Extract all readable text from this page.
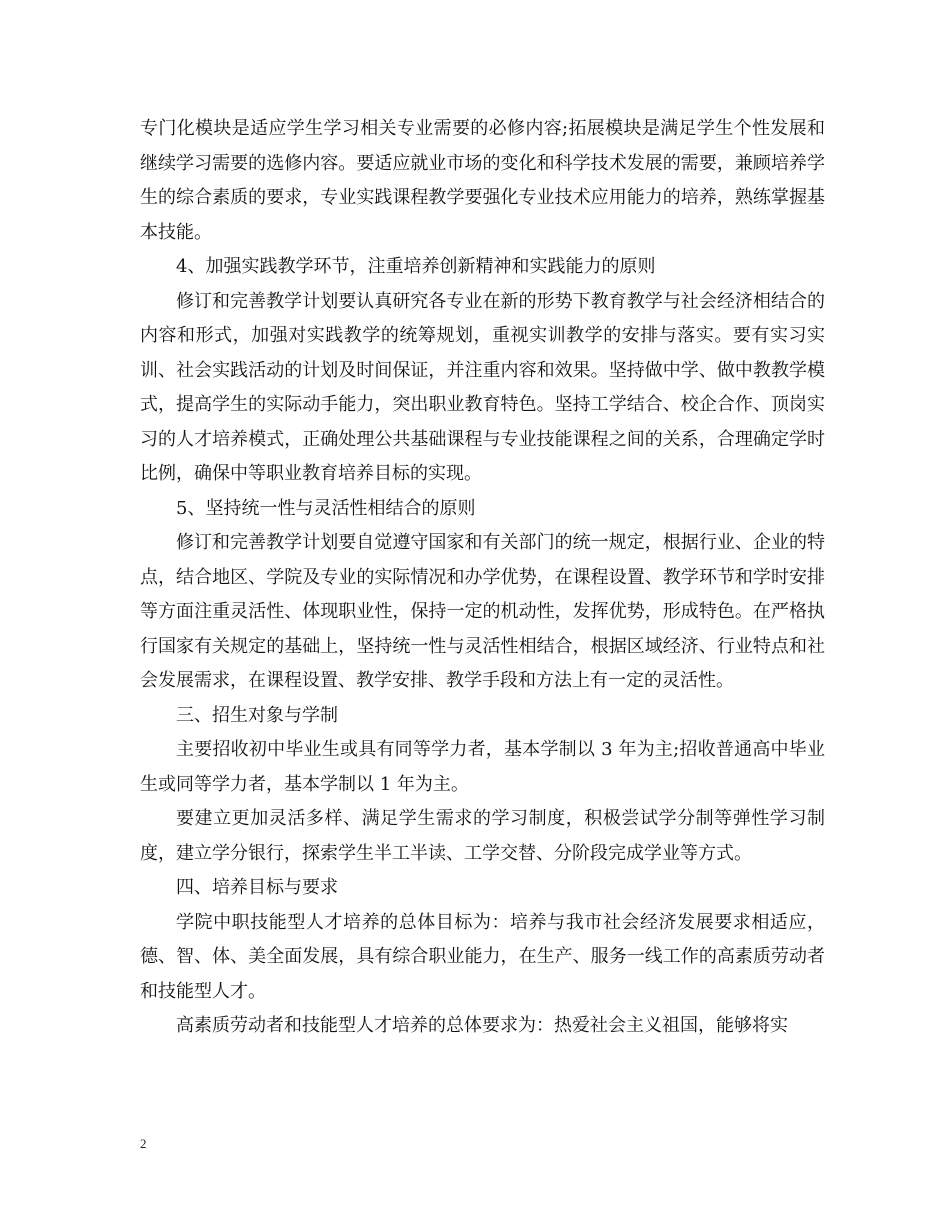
专门化模块是适应学生学习相关专业需要的必修内容;拓展模块是满足学生个性发展和继续学习需要的选修内容。要适应就业市场的变化和科学技术发展的需要，兼顾培养学生的综合素质的要求，专业实践课程教学要强化专业技术应用能力的培养，熟练掌握基本技能。

4、加强实践教学环节，注重培养创新精神和实践能力的原则

修订和完善教学计划要认真研究各专业在新的形势下教育教学与社会经济相结合的内容和形式，加强对实践教学的统筹规划，重视实训教学的安排与落实。要有实习实训、社会实践活动的计划及时间保证，并注重内容和效果。坚持做中学、做中教教学模式，提高学生的实际动手能力，突出职业教育特色。坚持工学结合、校企合作、顶岗实习的人才培养模式，正确处理公共基础课程与专业技能课程之间的关系，合理确定学时比例，确保中等职业教育培养目标的实现。

5、坚持统一性与灵活性相结合的原则

修订和完善教学计划要自觉遵守国家和有关部门的统一规定，根据行业、企业的特点，结合地区、学院及专业的实际情况和办学优势，在课程设置、教学环节和学时安排等方面注重灵活性、体现职业性，保持一定的机动性，发挥优势，形成特色。在严格执行国家有关规定的基础上，坚持统一性与灵活性相结合，根据区域经济、行业特点和社会发展需求，在课程设置、教学安排、教学手段和方法上有一定的灵活性。

三、招生对象与学制

主要招收初中毕业生或具有同等学力者，基本学制以 3 年为主;招收普通高中毕业生或同等学力者，基本学制以 1 年为主。

要建立更加灵活多样、满足学生需求的学习制度，积极尝试学分制等弹性学习制度，建立学分银行，探索学生半工半读、工学交替、分阶段完成学业等方式。

四、培养目标与要求

学院中职技能型人才培养的总体目标为：培养与我市社会经济发展要求相适应，德、智、体、美全面发展，具有综合职业能力，在生产、服务一线工作的高素质劳动者和技能型人才。

高素质劳动者和技能型人才培养的总体要求为：热爱社会主义祖国，能够将实

2
